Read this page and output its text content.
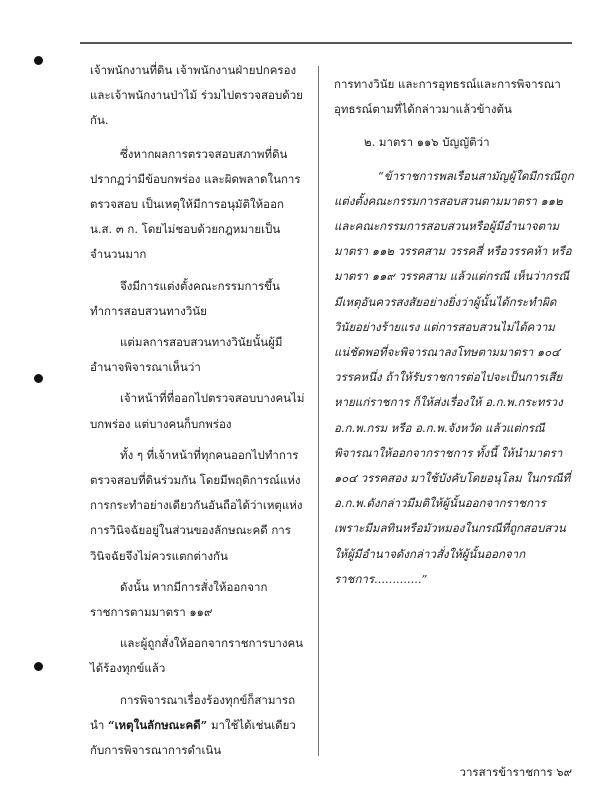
เจ้าพนักงานที่ดิน เจ้าพนักงานฝ่ายปกครอง และเจ้าพนักงานป่าไม้ ร่วมไปตรวจสอบด้วยกัน.

ซึ่งหากผลการตรวจสอบสภาพที่ดินปรากฏว่ามีข้อบกพร่อง และผิดพลาดในการตรวจสอบ เป็นเหตุให้มีการอนุมัติให้ออก น.ส. ๓ ก. โดยไม่ชอบด้วยกฎหมายเป็นจำนวนมาก

จึงมีการแต่งตั้งคณะกรรมการขึ้นทำการสอบสวนทางวินัย

แต่มลการสอบสวนทางวินัยนั้นผู้มีอำนาจพิจารณาเห็นว่า

เจ้าหน้าที่ที่ออกไปตรวจสอบบางคนไม่บกพร่อง แต่บางคนก็บกพร่อง

ทั้ง ๆ ที่เจ้าหน้าที่ทุกคนออกไปทำการตรวจสอบที่ดินร่วมกัน โดยมีพฤติการณ์แห่งการกระทำอย่างเดียวกันอันถือได้ว่าเหตุแห่งการวินิจฉัยอยู่ในส่วนของลักษณะคดี การวินิจฉัยจึงไม่ควรแตกต่างกัน

ดังนั้น หากมีการสั่งให้ออกจากราชการตามมาตรา ๑๑๙

และผู้ถูกสั่งให้ออกจากราชการบางคนได้ร้องทุกข์แล้ว

การพิจารณาเรื่องร้องทุกข์ก็สามารถนำ “เหตุในลักษณะคดี” มาใช้ได้เช่นเดียวกับการพิจารณาการดำเนิน

การทางวินัย และการอุทธรณ์และการพิจารณาอุทธรณ์ตามที่ได้กล่าวมาแล้วข้างต้น

๒. มาตรา ๑๑๖ บัญญัติว่า

“ข้าราชการพลเรือนสามัญผู้ใดมีกรณีถูกแต่งตั้งคณะกรรมการสอบสวนตามมาตรา ๑๑๒ และคณะกรรมการสอบสวนหรือผู้มีอำนาจตามมาตรา ๑๑๒ วรรคสาม วรรคสี่ หรือวรรคห้า หรือมาตรา ๑๑๙ วรรคสาม แล้วแต่กรณี เห็นว่ากรณีมีเหตุอันควรสงสัยอย่างยิ่งว่าผู้นั้นได้กระทำผิดวินัยอย่างร้ายแรง แต่การสอบสวนไม่ได้ความแน่ชัดพอที่จะพิจารณาลงโทษตามมาตรา ๑๐๔ วรรคหนึ่ง ถ้าให้รับราชการต่อไปจะเป็นการเสียหายแก่ราชการ ก็ให้ส่งเรื่องให้ อ.ก.พ.กระทรวง อ.ก.พ.กรม หรือ อ.ก.พ.จังหวัด แล้วแต่กรณี พิจารณาให้ออกจากราชการ ทั้งนี้ ให้นำมาตรา ๑๐๔ วรรคสอง มาใช้บังคับโดยอนุโลม ในกรณีที่ อ.ก.พ.ดังกล่าวมีมติให้ผู้นั้นออกจากราชการเพราะมีมลทินหรือมัวหมองในกรณีที่ถูกสอบสวน ให้ผู้มีอำนาจดังกล่าวสั่งให้ผู้นั้นออกจากราชการ.............”

วารสารข้าราชการ ๖๙
